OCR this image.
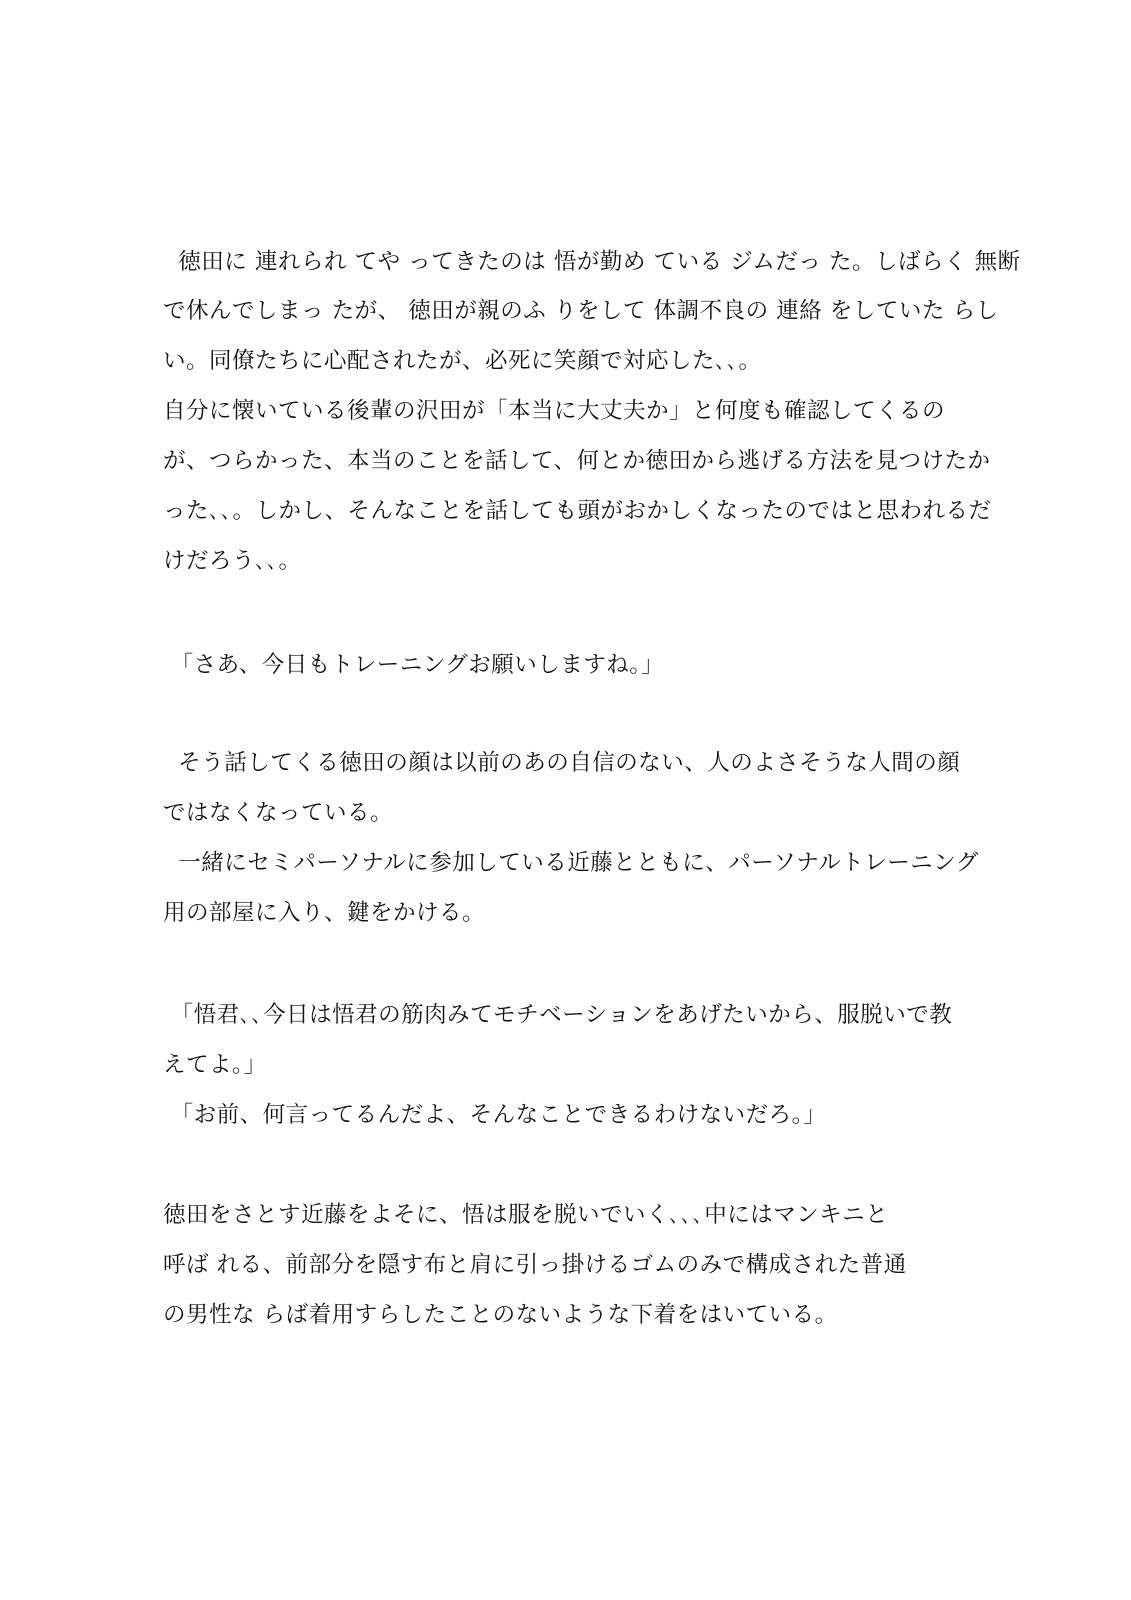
徳田に 連れられ てや ってきたのは 悟が勤め ている ジムだっ た。しばらく 無断
で休んでしまっ たが、 徳田が親のふ りをして 体調不良の 連絡 をしていた らし
い。同僚たちに心配されたが、必死に笑顔で対応した､､。
自分に懐いている後輩の沢田が「本当に大丈夫か」と何度も確認してくるの
が、つらかった、本当のことを話して、何とか徳田から逃げる方法を見つけたか
った､､。しかし、そんなことを話しても頭がおかしくなったのではと思われるだ
けだろう､､。
「さあ、今日もトレーニングお願いしますね。」
そう話してくる徳田の顔は以前のあの自信のない、人のよさそうな人間の顔
ではなくなっている。
一緒にセミパーソナルに参加している近藤とともに、パーソナルトレーニング
用の部屋に入り、鍵をかける。
「悟君､､今日は悟君の筋肉みてモチベーションをあげたいから、服脱いで教
えてよ。」
「お前、何言ってるんだよ、そんなことできるわけないだろ。」
徳田をさとす近藤をよそに、悟は服を脱いでいく､､､中にはマンキニと
呼ば れる、前部分を隠す布と肩に引っ掛けるゴムのみで構成された普通
の男性な らば着用すらしたことのないような下着をはいている。
